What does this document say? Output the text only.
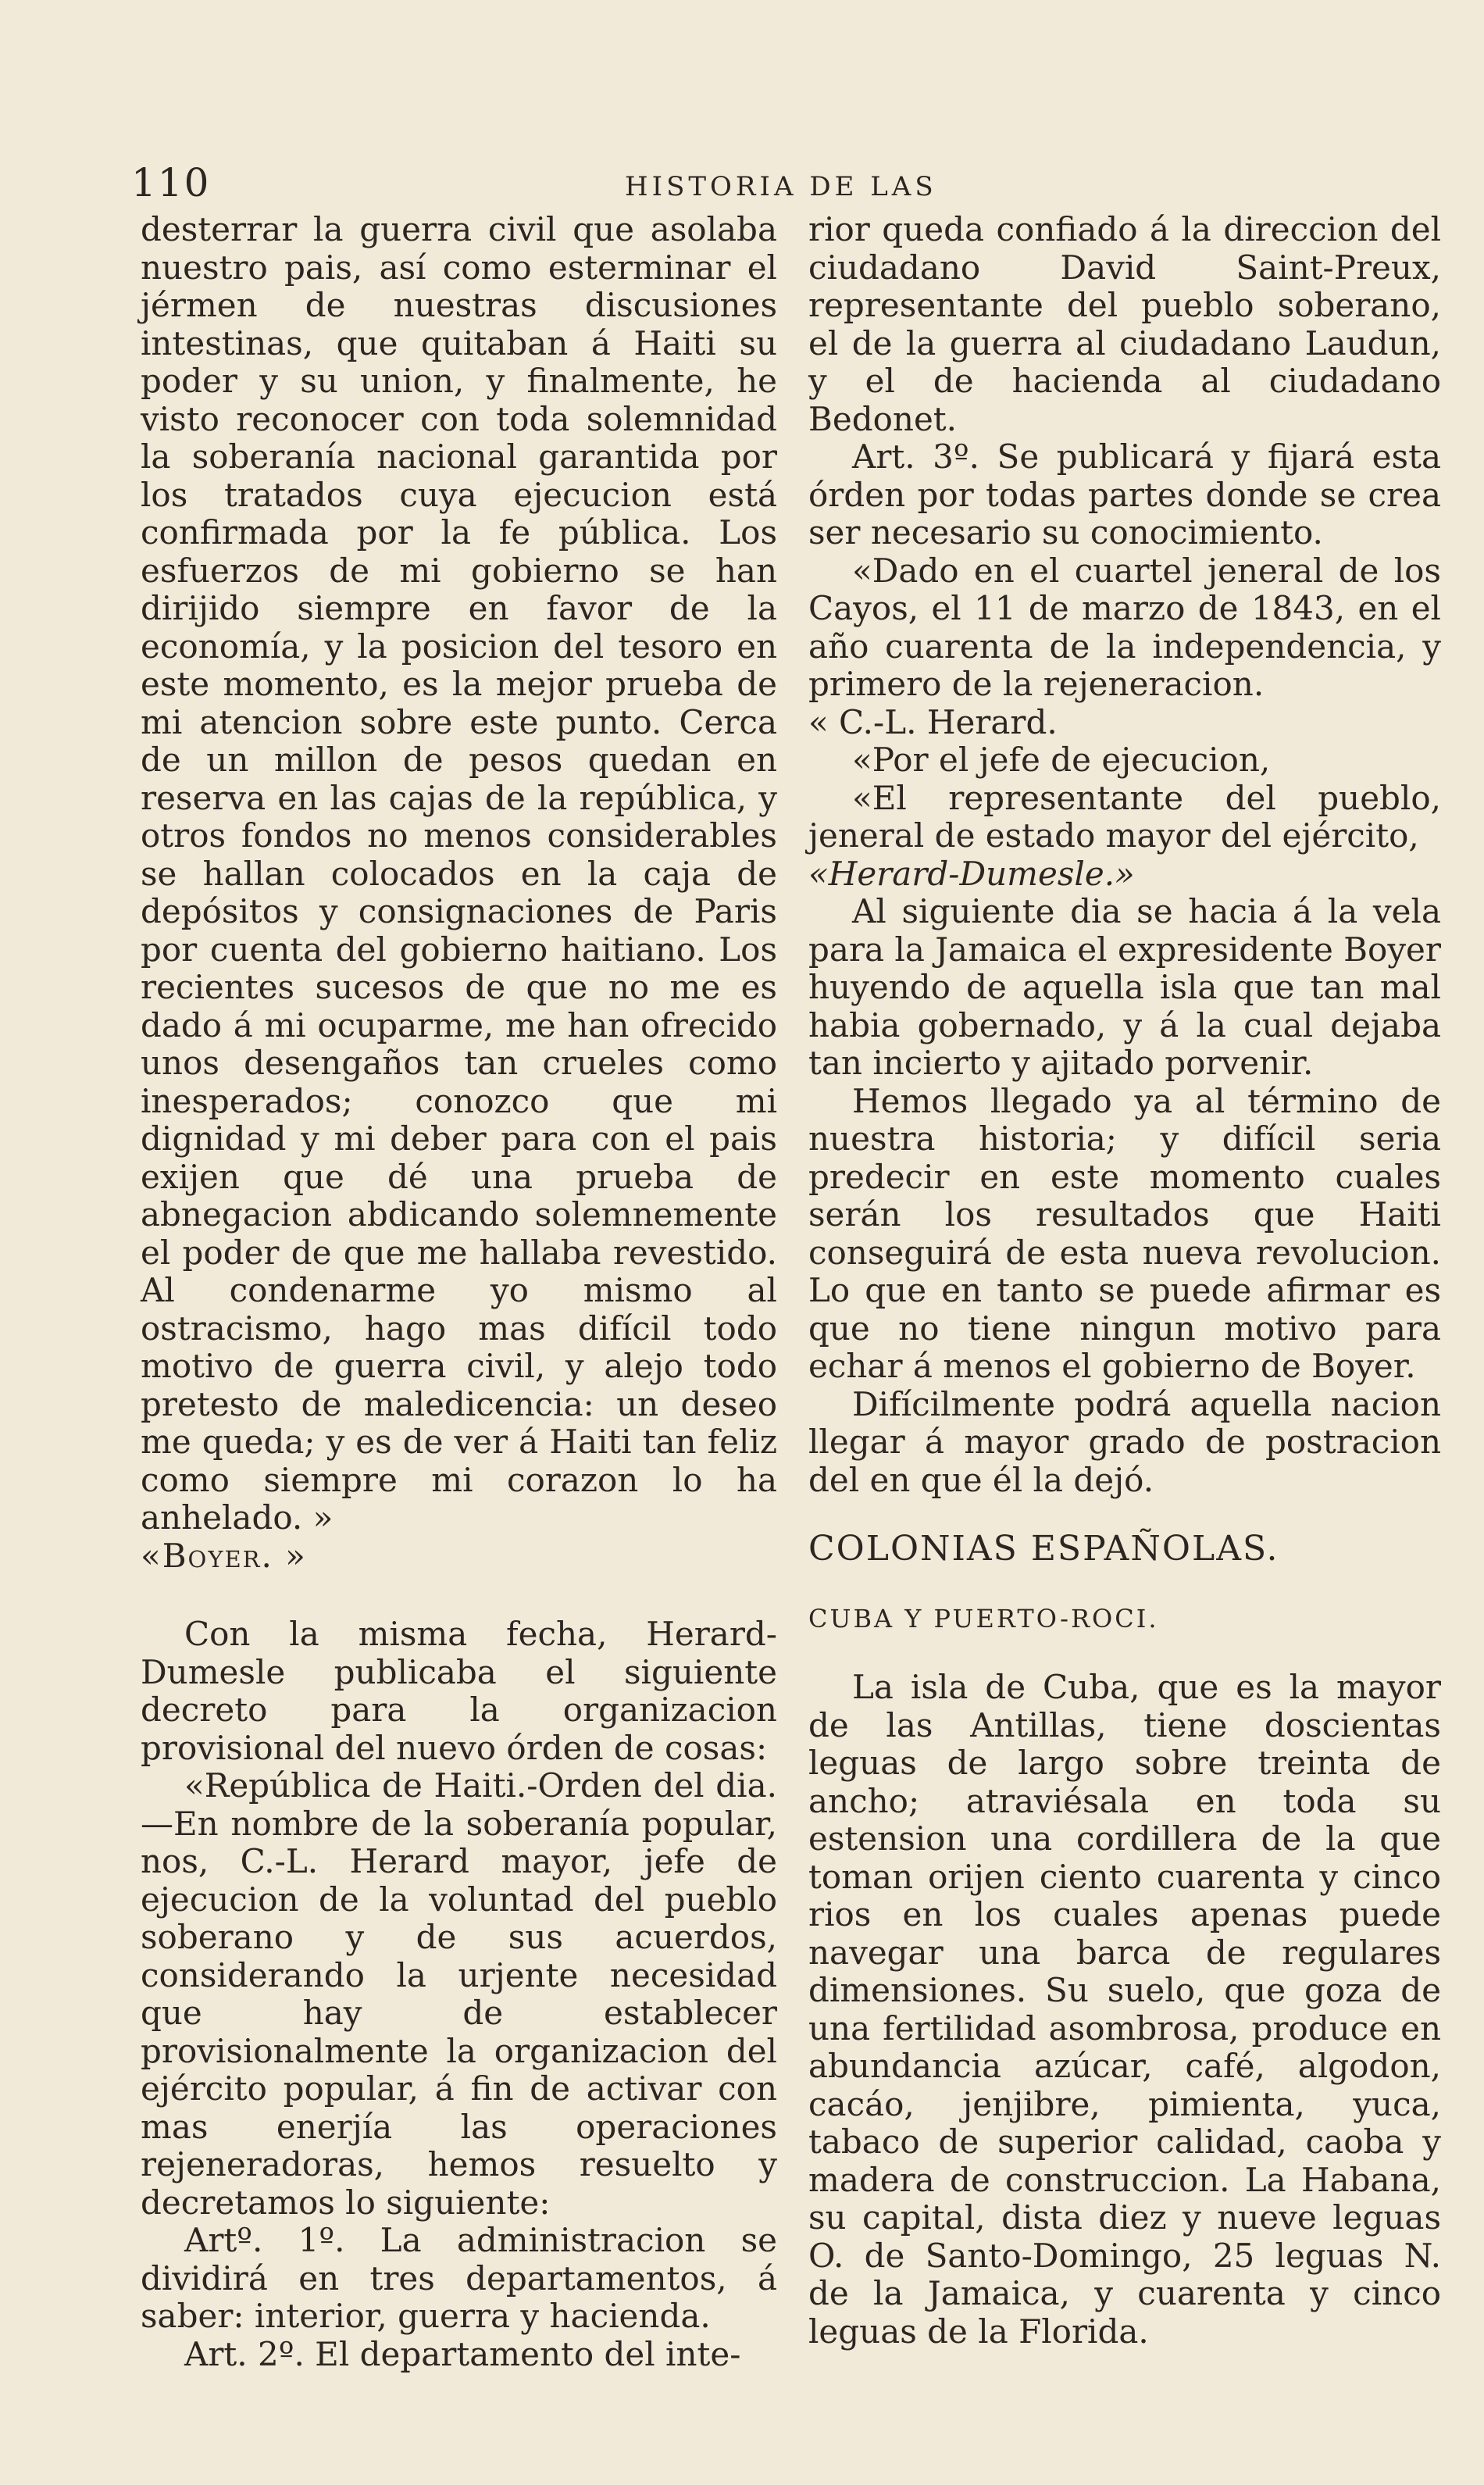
110	HISTORIA DE LAS

desterrar la guerra civil que asolaba nuestro pais, así como esterminar el jérmen de nuestras discusiones intestinas, que quitaban á Haiti su poder y su union, y finalmente, he visto reconocer con toda solemnidad la soberanía nacional garantida por los tratados cuya ejecucion está confirmada por la fe pública. Los esfuerzos de mi gobierno se han dirijido siempre en favor de la economía, y la posicion del tesoro en este momento, es la mejor prueba de mi atencion sobre este punto. Cerca de un millon de pesos quedan en reserva en las cajas de la república, y otros fondos no menos considerables se hallan colocados en la caja de depósitos y consignaciones de Paris por cuenta del gobierno haitiano. Los recientes sucesos de que no me es dado á mi ocuparme, me han ofrecido unos desengaños tan crueles como inesperados; conozco que mi dignidad y mi deber para con el pais exijen que dé una prueba de abnegacion abdicando solemnemente el poder de que me hallaba revestido. Al condenarme yo mismo al ostracismo, hago mas difícil todo motivo de guerra civil, y alejo todo pretesto de maledicencia: un deseo me queda; y es de ver á Haiti tan feliz como siempre mi corazon lo ha anhelado. »

«Boyer. »

Con la misma fecha, Herard-Dumesle publicaba el siguiente decreto para la organizacion provisional del nuevo órden de cosas:

«República de Haiti.-Orden del dia. —En nombre de la soberanía popular, nos, C.-L. Herard mayor, jefe de ejecucion de la voluntad del pueblo soberano y de sus acuerdos, considerando la urjente necesidad que hay de establecer provisionalmente la organizacion del ejército popular, á fin de activar con mas enerjía las operaciones rejeneradoras, hemos resuelto y decretamos lo siguiente:

Artº. 1º. La administracion se dividirá en tres departamentos, á saber: interior, guerra y hacienda.

Art. 2º. El departamento del inte-

rior queda confiado á la direccion del ciudadano David Saint-Preux, representante del pueblo soberano, el de la guerra al ciudadano Laudun, y el de hacienda al ciudadano Bedonet.

Art. 3º. Se publicará y fijará esta órden por todas partes donde se crea ser necesario su conocimiento.

«Dado en el cuartel jeneral de los Cayos, el 11 de marzo de 1843, en el año cuarenta de la independencia, y primero de la rejeneracion.

« C.-L. Herard.

«Por el jefe de ejecucion,

«El representante del pueblo, jeneral de estado mayor del ejército,

«Herard-Dumesle.»

Al siguiente dia se hacia á la vela para la Jamaica el expresidente Boyer huyendo de aquella isla que tan mal habia gobernado, y á la cual dejaba tan incierto y ajitado porvenir.

Hemos llegado ya al término de nuestra historia; y difícil seria predecir en este momento cuales serán los resultados que Haiti conseguirá de esta nueva revolucion. Lo que en tanto se puede afirmar es que no tiene ningun motivo para echar á menos el gobierno de Boyer.

Difícilmente podrá aquella nacion llegar á mayor grado de postracion del en que él la dejó.

COLONIAS ESPAÑOLAS.

CUBA Y PUERTO-ROCI.

La isla de Cuba, que es la mayor de las Antillas, tiene doscientas leguas de largo sobre treinta de ancho; atraviésala en toda su estension una cordillera de la que toman orijen ciento cuarenta y cinco rios en los cuales apenas puede navegar una barca de regulares dimensiones. Su suelo, que goza de una fertilidad asombrosa, produce en abundancia azúcar, café, algodon, cacáo, jenjibre, pimienta, yuca, tabaco de superior calidad, caoba y madera de construccion. La Habana, su capital, dista diez y nueve leguas O. de Santo-Domingo, 25 leguas N. de la Jamaica, y cuarenta y cinco leguas de la Florida.
